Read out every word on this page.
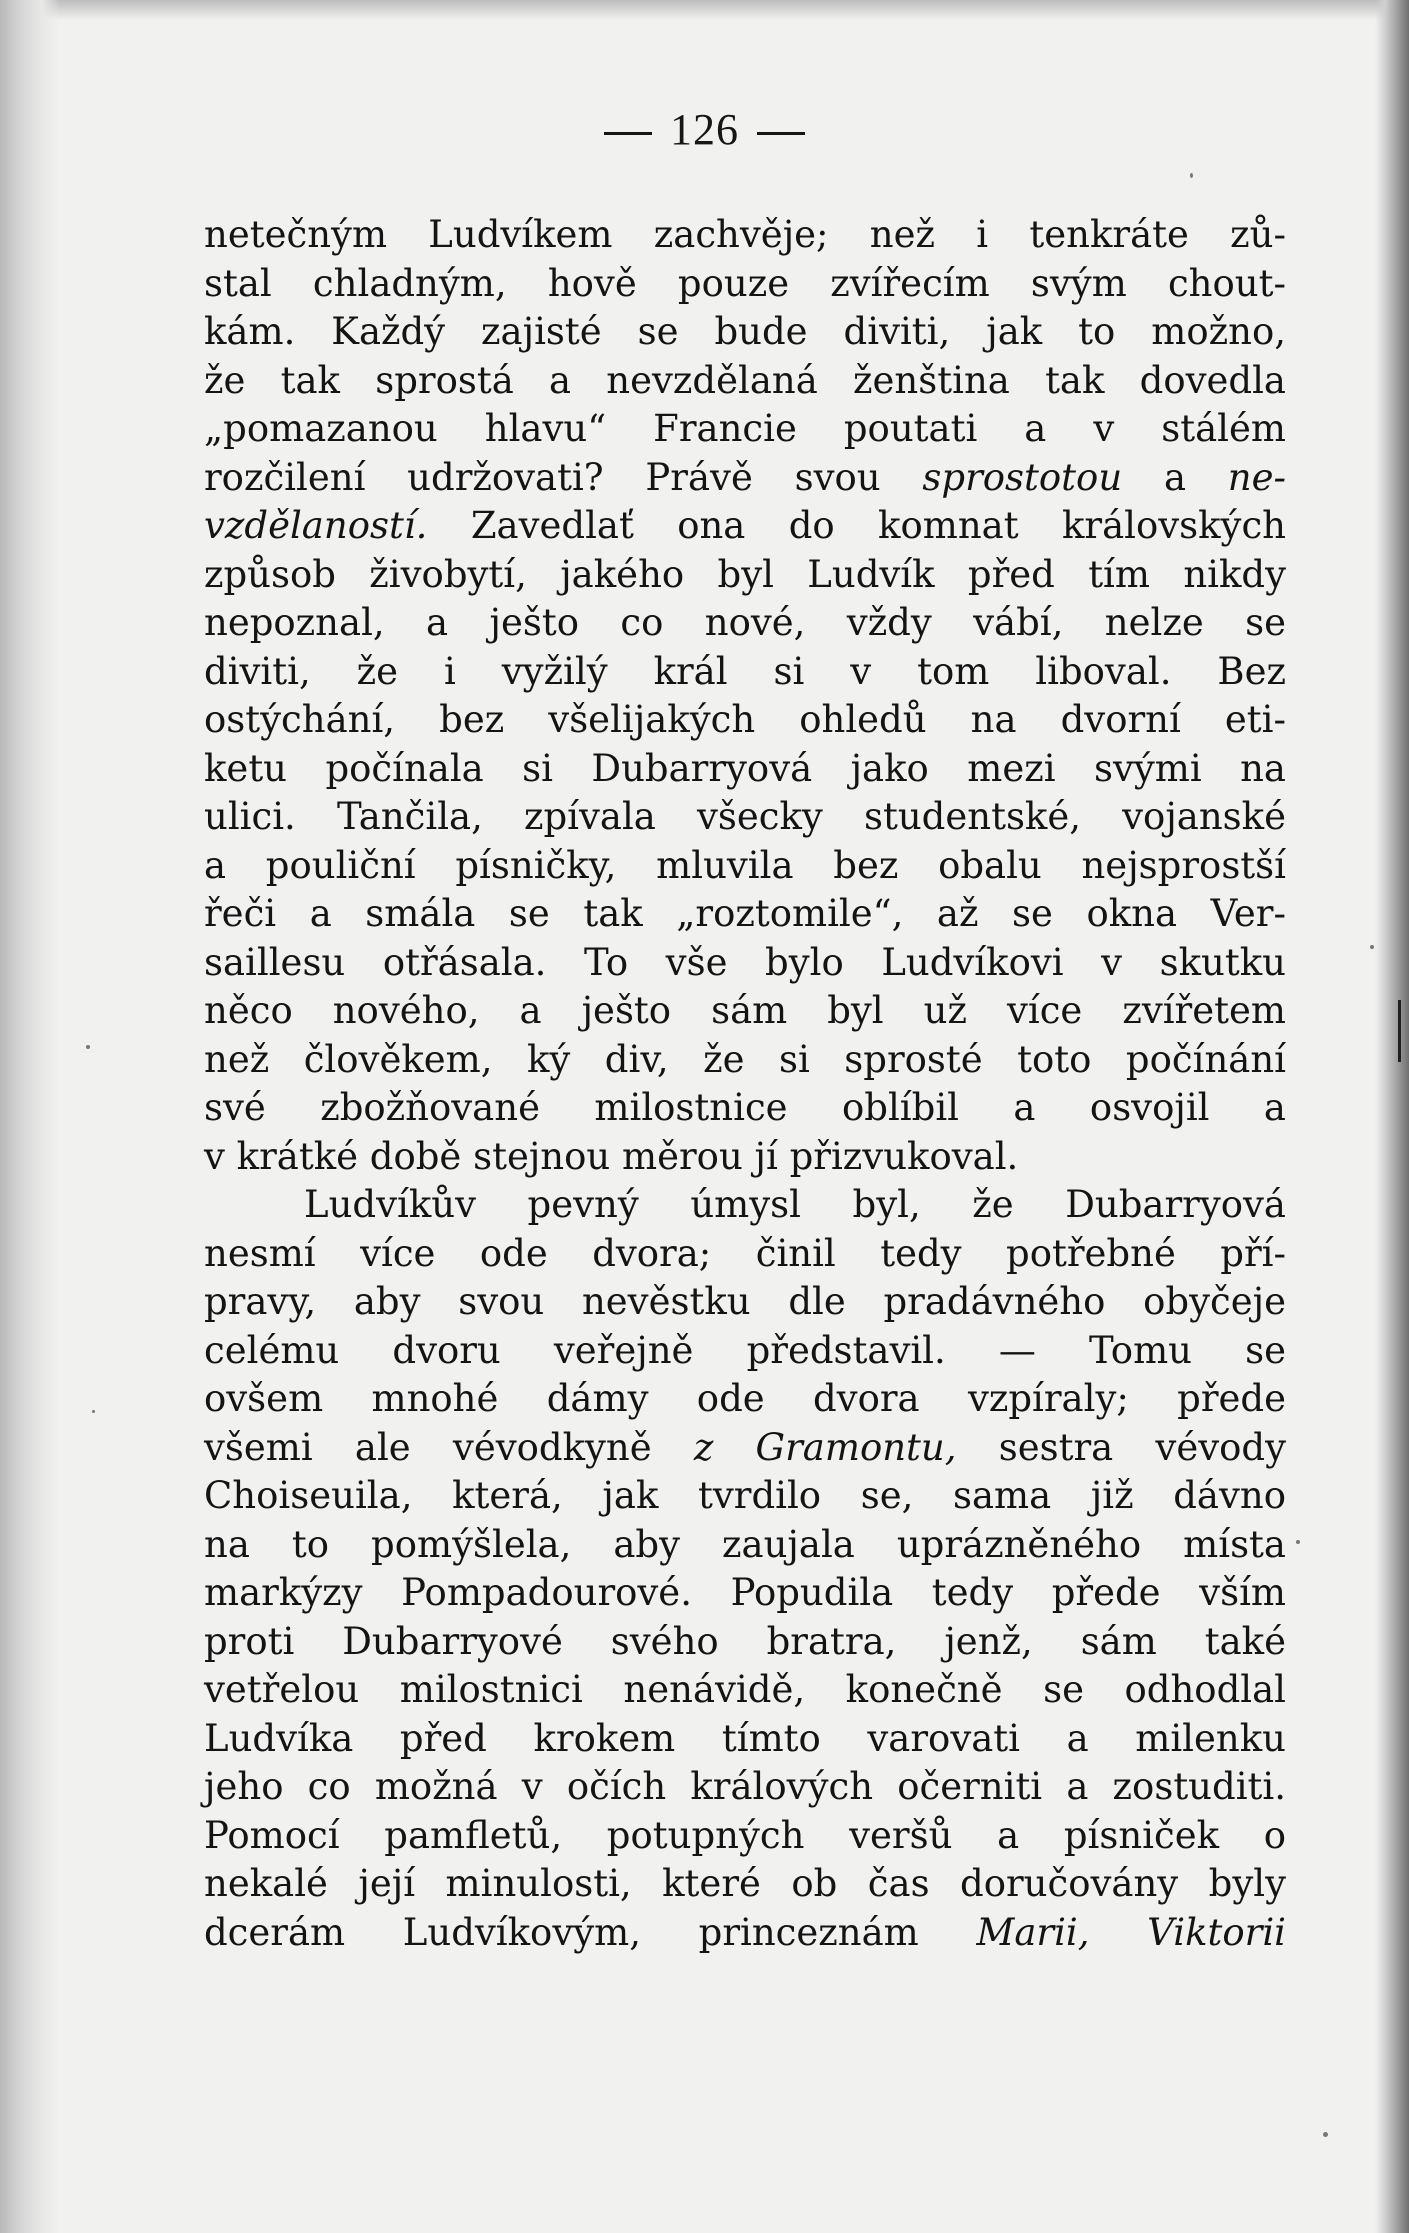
126
netečným Ludvíkem zachvěje; než i tenkráte zů-
stal chladným, hově pouze zvířecím svým chout-
kám. Každý zajisté se bude diviti, jak to možno,
že tak sprostá a nevzdělaná ženština tak dovedla
„pomazanou hlavu“ Francie poutati a v stálém
rozčilení udržovati? Právě svou sprostotou a ne-
vzdělaností. Zavedlať ona do komnat královských
způsob živobytí, jakého byl Ludvík před tím nikdy
nepoznal, a ješto co nové, vždy vábí, nelze se
diviti, že i vyžilý král si v tom liboval. Bez
ostýchání, bez všelijakých ohledů na dvorní eti-
ketu počínala si Dubarryová jako mezi svými na
ulici. Tančila, zpívala všecky studentské, vojanské
a pouliční písničky, mluvila bez obalu nejsprostší
řeči a smála se tak „roztomile“, až se okna Ver-
saillesu otřásala. To vše bylo Ludvíkovi v skutku
něco nového, a ješto sám byl už více zvířetem
než člověkem, ký div, že si sprosté toto počínání
své zbožňované milostnice oblíbil a osvojil a
v krátké době stejnou měrou jí přizvukoval.
Ludvíkův pevný úmysl byl, že Dubarryová
nesmí více ode dvora; činil tedy potřebné pří-
pravy, aby svou nevěstku dle pradávného obyčeje
celému dvoru veřejně představil. — Tomu se
ovšem mnohé dámy ode dvora vzpíraly; přede
všemi ale vévodkyně z Gramontu, sestra vévody
Choiseuila, která, jak tvrdilo se, sama již dávno
na to pomýšlela, aby zaujala uprázněného místa
markýzy Pompadourové. Popudila tedy přede vším
proti Dubarryové svého bratra, jenž, sám také
vetřelou milostnici nenávidě, konečně se odhodlal
Ludvíka před krokem tímto varovati a milenku
jeho co možná v očích králových očerniti a zostuditi.
Pomocí pamfletů, potupných veršů a písniček o
nekalé její minulosti, které ob čas doručovány byly
dcerám Ludvíkovým, princeznám Marii, Viktorii
